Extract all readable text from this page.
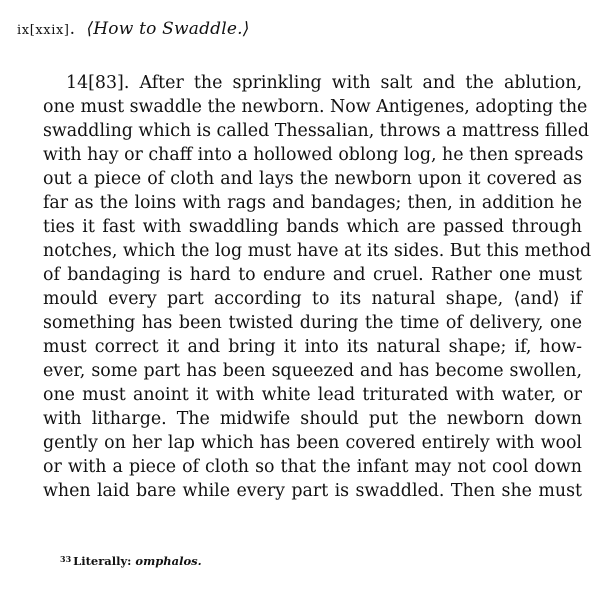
ix[xxix]. ⟨How to Swaddle.⟩
14[83]. After the sprinkling with salt and the ablution,
one must swaddle the newborn. Now Antigenes, adopting the
swaddling which is called Thessalian, throws a mattress filled
with hay or chaff into a hollowed oblong log, he then spreads
out a piece of cloth and lays the newborn upon it covered as
far as the loins with rags and bandages; then, in addition he
ties it fast with swaddling bands which are passed through
notches, which the log must have at its sides. But this method
of bandaging is hard to endure and cruel. Rather one must
mould every part according to its natural shape, ⟨and⟩ if
something has been twisted during the time of delivery, one
must correct it and bring it into its natural shape; if, how-
ever, some part has been squeezed and has become swollen,
one must anoint it with white lead triturated with water, or
with litharge. The midwife should put the newborn down
gently on her lap which has been covered entirely with wool
or with a piece of cloth so that the infant may not cool down
when laid bare while every part is swaddled. Then she must
$^{33}$ Literally: omphalos.
